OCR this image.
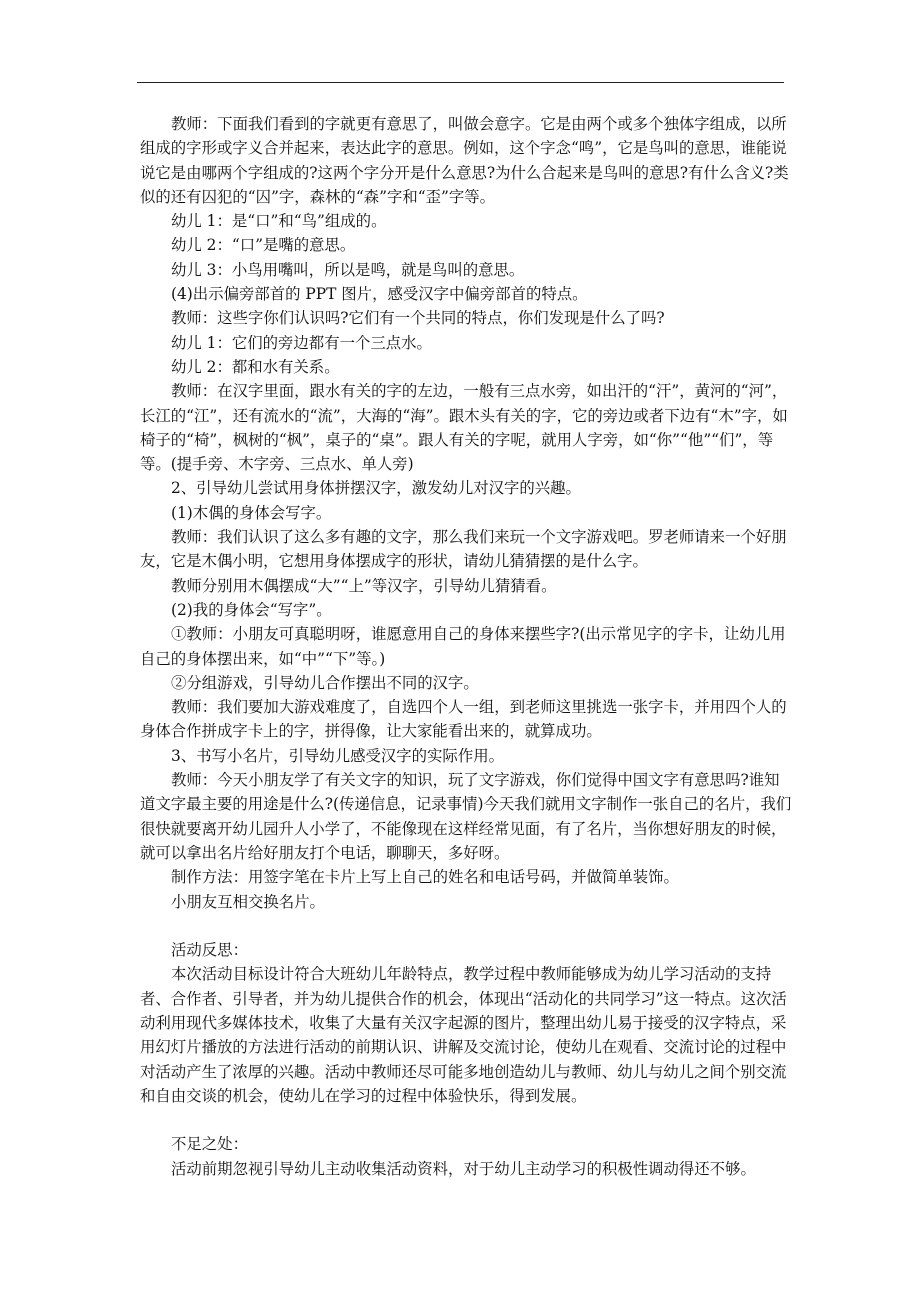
教师：下面我们看到的字就更有意思了，叫做会意字。它是由两个或多个独体字组成，以所组成的字形或字义合并起来，表达此字的意思。例如，这个字念“鸣”，它是鸟叫的意思，谁能说说它是由哪两个字组成的?这两个字分开是什么意思?为什么合起来是鸟叫的意思?有什么含义?类似的还有囚犯的“囚”字，森林的“森”字和“歪”字等。

幼儿 1：是“口”和“鸟”组成的。

幼儿 2：“口”是嘴的意思。

幼儿 3：小鸟用嘴叫，所以是鸣，就是鸟叫的意思。

(4)出示偏旁部首的 PPT 图片，感受汉字中偏旁部首的特点。

教师：这些字你们认识吗?它们有一个共同的特点，你们发现是什么了吗?

幼儿 1：它们的旁边都有一个三点水。

幼儿 2：都和水有关系。

教师：在汉字里面，跟水有关的字的左边，一般有三点水旁，如出汗的“汗”，黄河的“河”，长江的“江”，还有流水的“流”，大海的“海”。跟木头有关的字，它的旁边或者下边有“木”字，如椅子的“椅”，枫树的“枫”，桌子的“桌”。跟人有关的字呢，就用人字旁，如“你”“他”“们”，等等。(提手旁、木字旁、三点水、单人旁)

2、引导幼儿尝试用身体拼摆汉字，激发幼儿对汉字的兴趣。

(1)木偶的身体会写字。

教师：我们认识了这么多有趣的文字，那么我们来玩一个文字游戏吧。罗老师请来一个好朋友，它是木偶小明，它想用身体摆成字的形状，请幼儿猜猜摆的是什么字。

教师分别用木偶摆成“大”“上”等汉字，引导幼儿猜猜看。

(2)我的身体会“写字”。

①教师：小朋友可真聪明呀，谁愿意用自己的身体来摆些字?(出示常见字的字卡，让幼儿用自己的身体摆出来，如“中”“下”等。)

②分组游戏，引导幼儿合作摆出不同的汉字。

教师：我们要加大游戏难度了，自选四个人一组，到老师这里挑选一张字卡，并用四个人的身体合作拼成字卡上的字，拼得像，让大家能看出来的，就算成功。

3、书写小名片，引导幼儿感受汉字的实际作用。

教师：今天小朋友学了有关文字的知识，玩了文字游戏，你们觉得中国文字有意思吗?谁知道文字最主要的用途是什么?(传递信息，记录事情)今天我们就用文字制作一张自己的名片，我们很快就要离开幼儿园升人小学了，不能像现在这样经常见面，有了名片，当你想好朋友的时候，就可以拿出名片给好朋友打个电话，聊聊天，多好呀。

制作方法：用签字笔在卡片上写上自己的姓名和电话号码，并做简单装饰。

小朋友互相交换名片。

活动反思：

本次活动目标设计符合大班幼儿年龄特点，教学过程中教师能够成为幼儿学习活动的支持者、合作者、引导者，并为幼儿提供合作的机会，体现出“活动化的共同学习”这一特点。这次活动利用现代多媒体技术，收集了大量有关汉字起源的图片，整理出幼儿易于接受的汉字特点，采用幻灯片播放的方法进行活动的前期认识、讲解及交流讨论，使幼儿在观看、交流讨论的过程中对活动产生了浓厚的兴趣。活动中教师还尽可能多地创造幼儿与教师、幼儿与幼儿之间个别交流和自由交谈的机会，使幼儿在学习的过程中体验快乐，得到发展。

不足之处：

活动前期忽视引导幼儿主动收集活动资料，对于幼儿主动学习的积极性调动得还不够。
